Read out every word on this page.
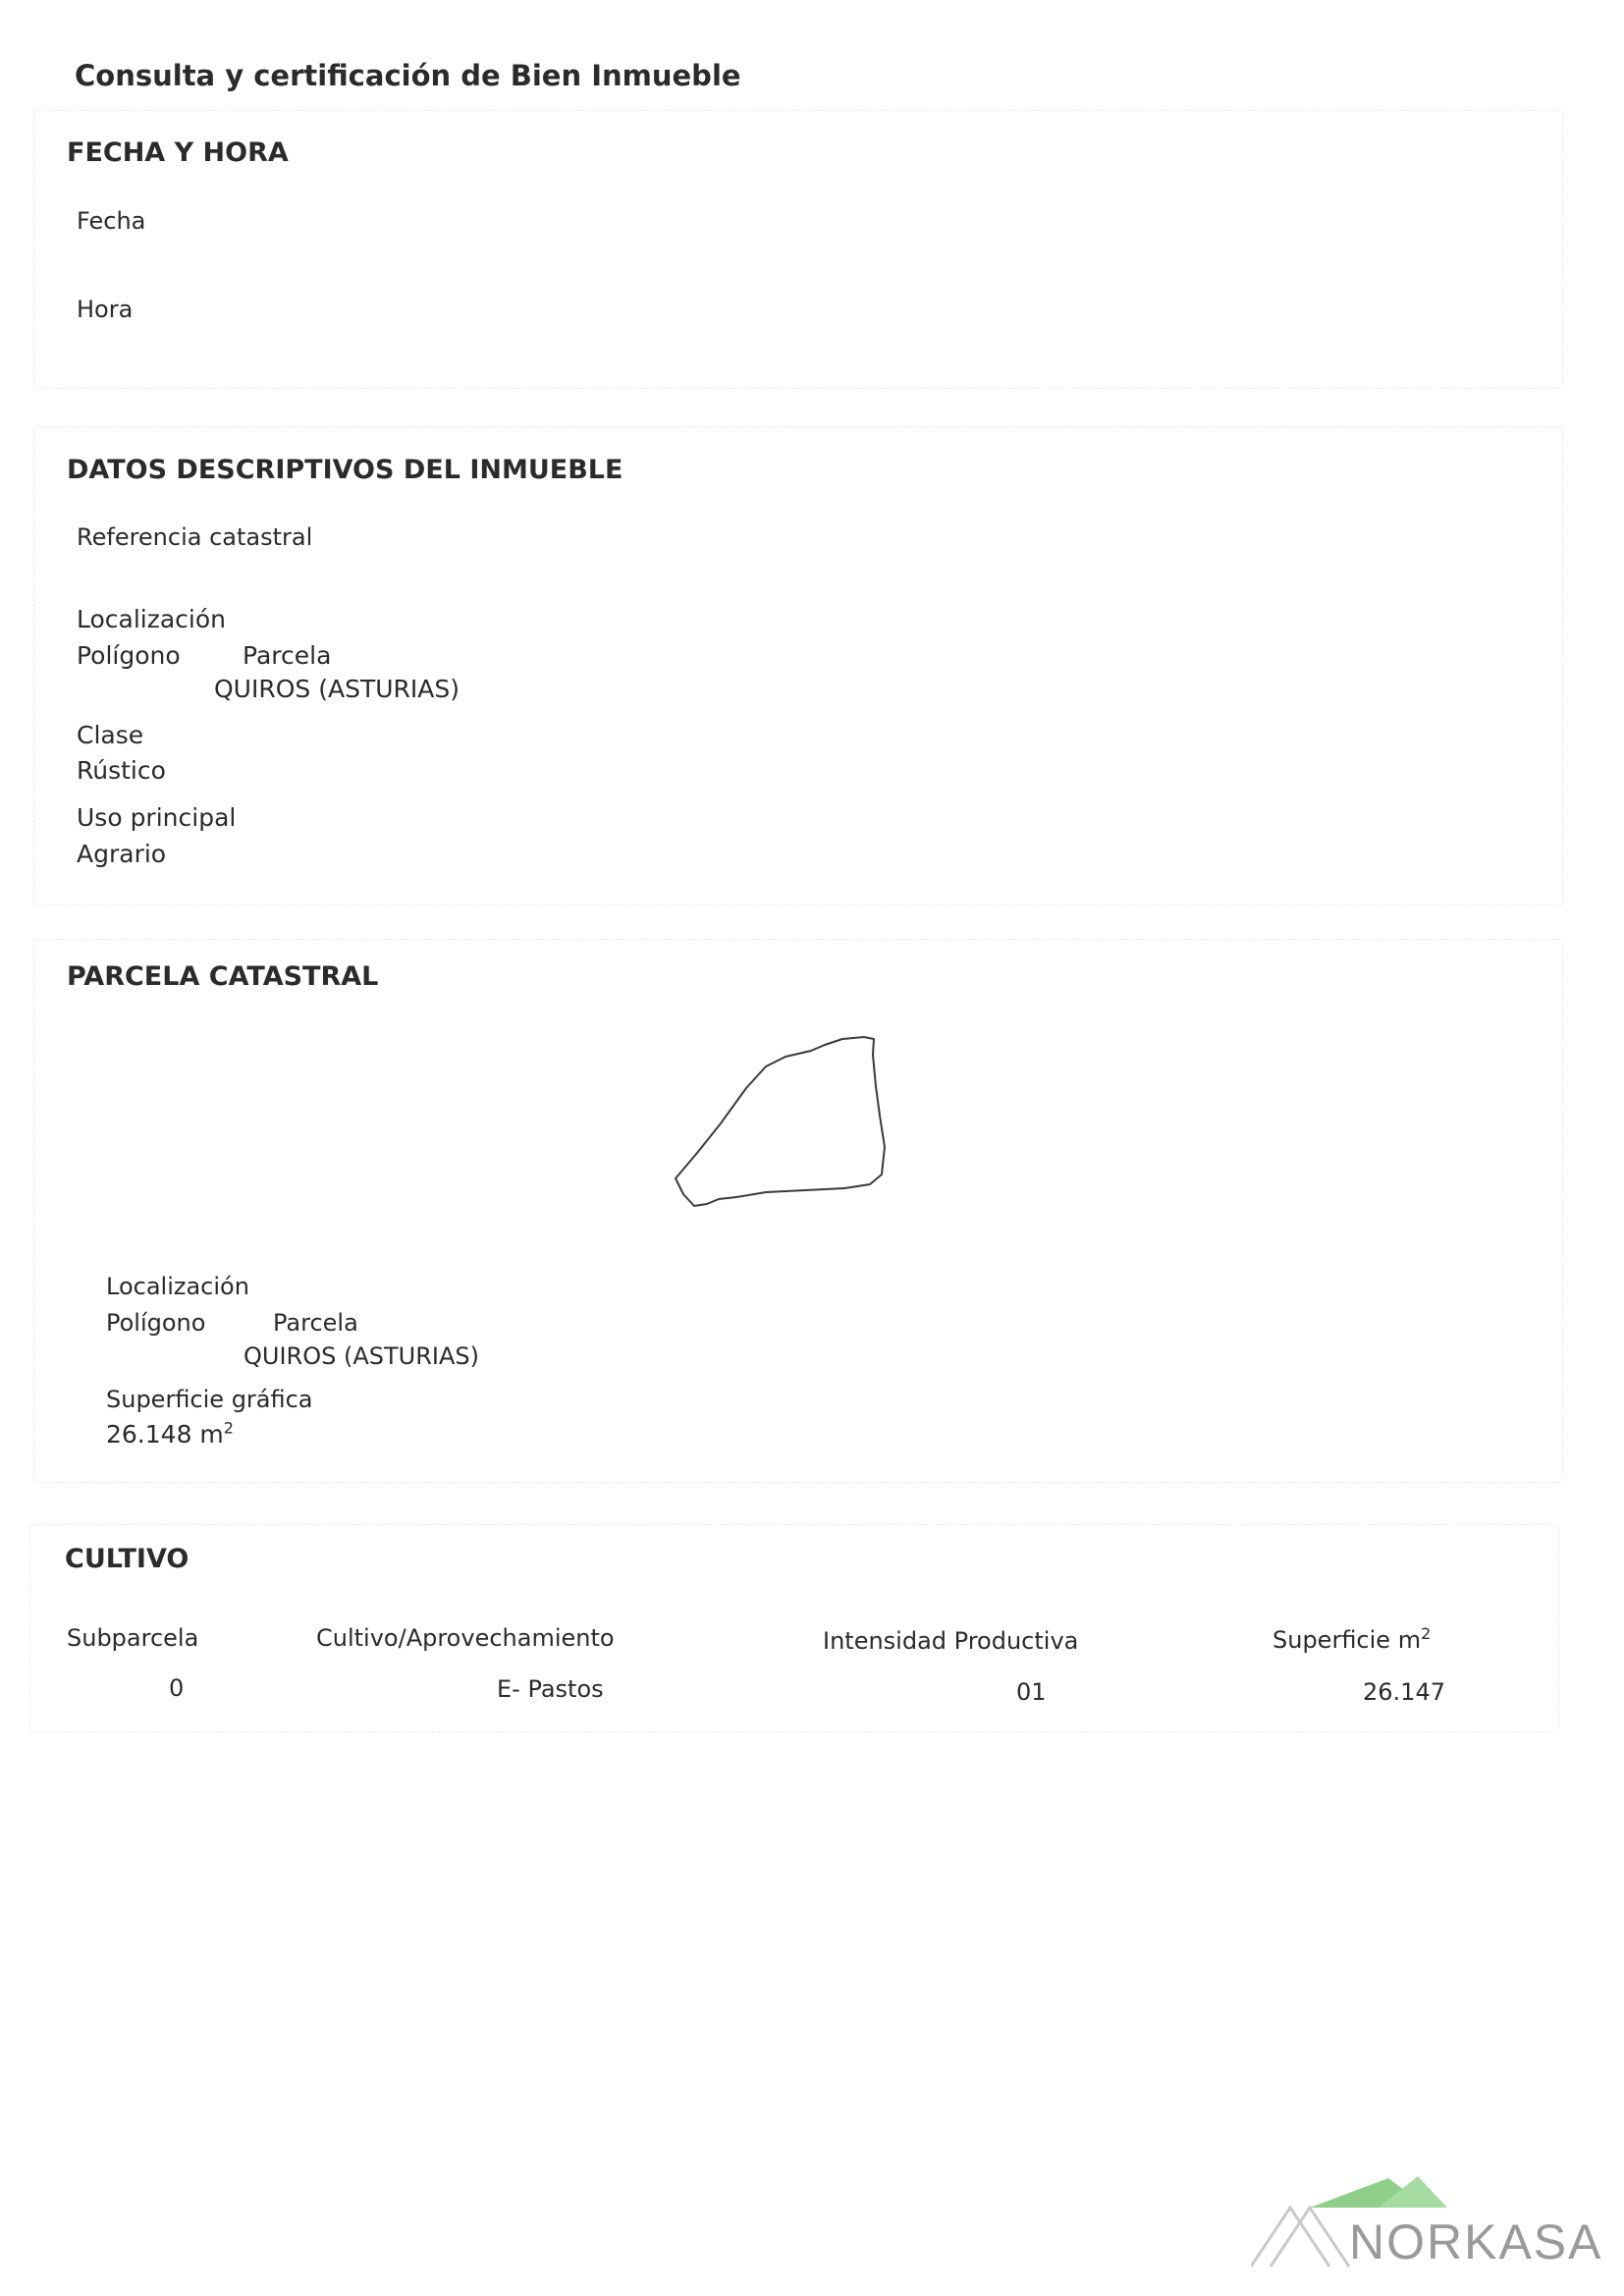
Consulta y certificación de Bien Inmueble
FECHA Y HORA
Fecha
Hora
DATOS DESCRIPTIVOS DEL INMUEBLE
Referencia catastral
Localización
Polígono	Parcela
QUIROS (ASTURIAS)
Clase
Rústico
Uso principal
Agrario
PARCELA CATASTRAL
Localización
Polígono	Parcela
QUIROS (ASTURIAS)
Superficie gráfica
26.148 $m^2$
CULTIVO
Subparcela	Cultivo/Aprovechamiento	Intensidad Productiva	Superficie $m^2$
0	E- Pastos	01	26.147
NORKASA
